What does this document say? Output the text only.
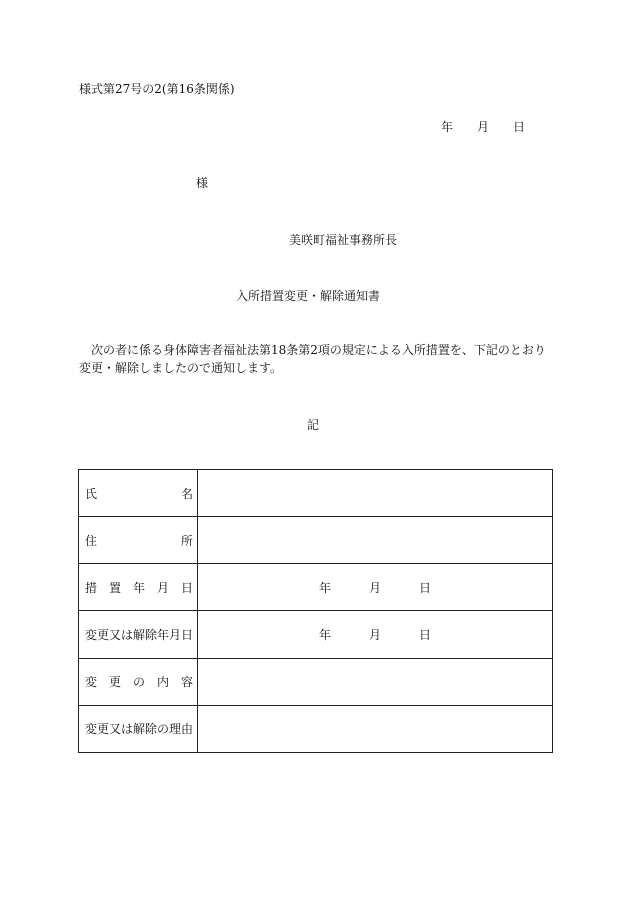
様式第27号の2(第16条関係)
年 月 日
様
美咲町福祉事務所長
入所措置変更・解除通知書
次の者に係る身体障害者福祉法第18条第2項の規定による入所措置を、下記のとおり変更・解除しましたので通知します。
記
氏 名	

住 所	

措 置 年 月 日	年 月 日

変更又は解除年月日	年 月 日

変 更 の 内 容	

変更又は解除の理由	
